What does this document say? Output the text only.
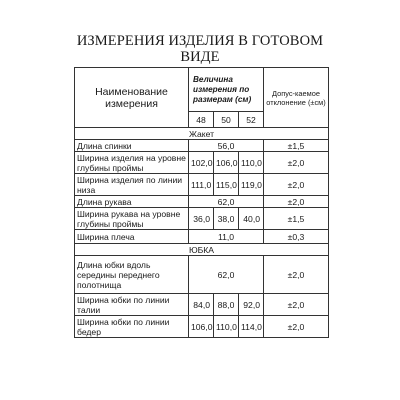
ИЗМЕРЕНИЯ ИЗДЕЛИЯ В ГОТОВОМ ВИДЕ
Наименование измерения	Величина измерения по размерам (см)			Допус-каемое отклонение (±см)
	48	50	52	
Жакет				
Длина спинки	56,0			±1,5
Ширина изделия на уровне глубины проймы	102,0	106,0	110,0	±2,0
Ширина изделия по линии низа	111,0	115,0	119,0	±2,0
Длина рукава	62,0			±2,0
Ширина рукава на уровне глубины проймы	36,0	38,0	40,0	±1,5
Ширина плеча	11,0			±0,3
ЮБКА				
Длина юбки вдоль середины переднего полотнища	62,0			±2,0
Ширина юбки по линии талии	84,0	88,0	92,0	±2,0
Ширина юбки по линии бедер	106,0	110,0	114,0	±2,0
